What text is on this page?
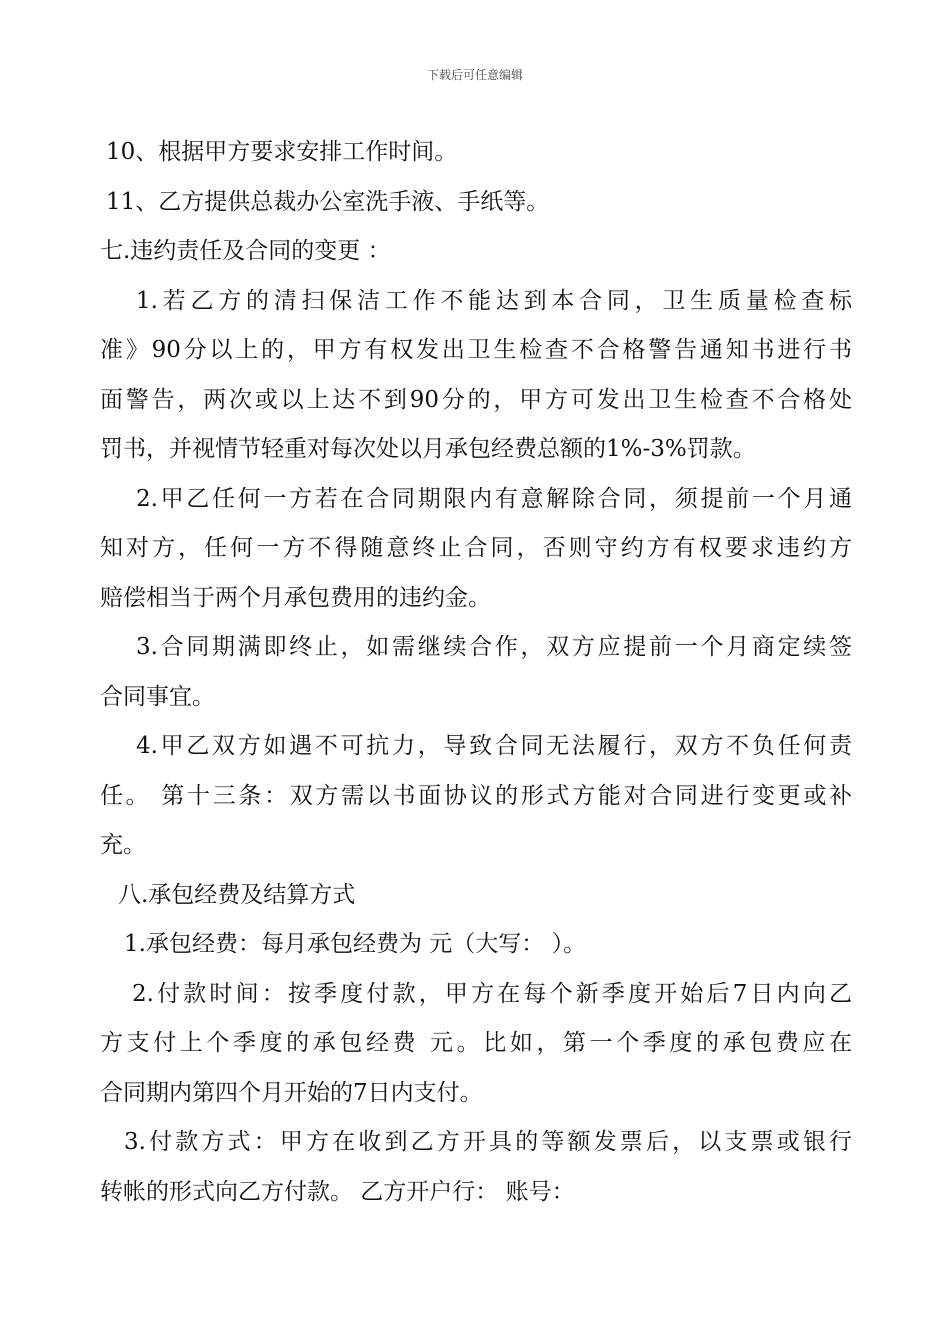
下载后可任意编辑
10、根据甲方要求安排工作时间。
11、乙方提供总裁办公室洗手液、手纸等。
七.违约责任及合同的变更 ：
1.若乙方的清扫保洁工作不能达到本合同，卫生质量检查标
准》90分以上的，甲方有权发出卫生检查不合格警告通知书进行书
面警告，两次或以上达不到90分的，甲方可发出卫生检查不合格处
罚书，并视情节轻重对每次处以月承包经费总额的1%-3%罚款。
2.甲乙任何一方若在合同期限内有意解除合同，须提前一个月通
知对方，任何一方不得随意终止合同，否则守约方有权要求违约方
赔偿相当于两个月承包费用的违约金。
3.合同期满即终止，如需继续合作，双方应提前一个月商定续签
合同事宜。
4.甲乙双方如遇不可抗力，导致合同无法履行，双方不负任何责
任。 第十三条：双方需以书面协议的形式方能对合同进行变更或补
充。
八.承包经费及结算方式
1.承包经费：每月承包经费为 元（大写： ）。
2.付款时间：按季度付款，甲方在每个新季度开始后7日内向乙
方支付上个季度的承包经费 元。比如，第一个季度的承包费应在
合同期内第四个月开始的7日内支付。
3.付款方式：甲方在收到乙方开具的等额发票后，以支票或银行
转帐的形式向乙方付款。 乙方开户行： 账号：
